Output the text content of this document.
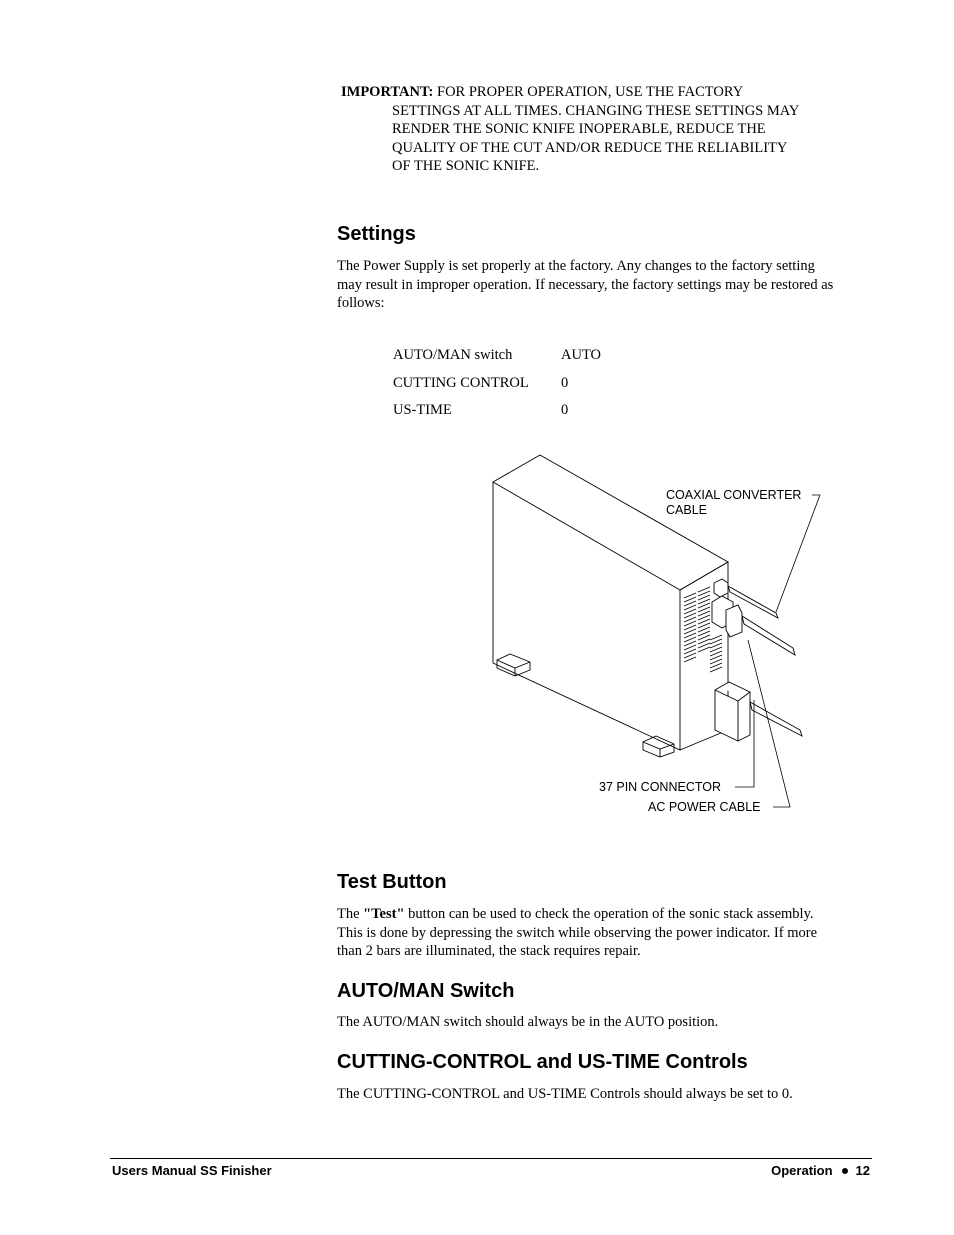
IMPORTANT: FOR PROPER OPERATION, USE THE FACTORY
SETTINGS AT ALL TIMES. CHANGING THESE SETTINGS MAY
RENDER THE SONIC KNIFE INOPERABLE, REDUCE THE
QUALITY OF THE CUT AND/OR REDUCE THE RELIABILITY
OF THE SONIC KNIFE.
Settings

The Power Supply is set properly at the factory. Any changes to the factory setting may result in improper operation. If necessary, the factory settings may be restored as follows:

AUTO/MAN switch	AUTO
CUTTING CONTROL	0
US-TIME	0
COAXIAL CONVERTER
CABLE
37 PIN CONNECTOR
AC POWER CABLE
Test Button

The "Test" button can be used to check the operation of the sonic stack assembly. This is done by depressing the switch while observing the power indicator. If more than 2 bars are illuminated, the stack requires repair.

AUTO/MAN Switch

The AUTO/MAN switch should always be in the AUTO position.

CUTTING-CONTROL and US-TIME Controls

The CUTTING-CONTROL and US-TIME Controls should always be set to 0.

Users Manual SS Finisher	Operation 12
